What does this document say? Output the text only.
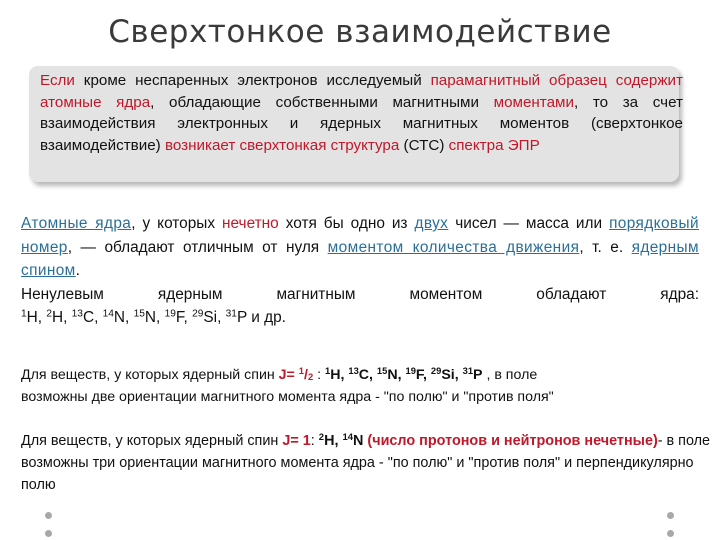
Сверхтонкое взаимодействие
Если кроме неспаренных электронов исследуемый парамагнитный образец содержит атомные ядра, обладающие собственными магнитными моментами, то за счет взаимодействия электронных и ядерных магнитных моментов (сверхтонкое взаимодействие) возникает сверхтонкая структура (СТС) спектра ЭПР
Атомные ядра, у которых нечетно хотя бы одно из двух чисел — масса или порядковый номер, — обладают отличным от нуля моментом количества движения, т. е. ядерным спином.
Ненулевым ядерным магнитным моментом обладают ядра:
$^1$H, $^2$H, $^{13}$C, $^{14}$N, $^{15}$N, $^{19}$F, $^{29}$Si, $^{31}$P и др.
Для веществ, у которых ядерный спин $J= ^1/_2$ : $^1$H, $^{13}$C, $^{15}$N, $^{19}$F, $^{29}$Si, $^{31}$P , в поле
возможны две ориентации магнитного момента ядра - "по полю" и "против поля"
Для веществ, у которых ядерный спин J= 1: $^2$H, $^{14}$N (число протонов и нейтронов нечетные)- в поле возможны три ориентации магнитного момента ядра - "по полю" и "против поля" и перпендикулярно полю
